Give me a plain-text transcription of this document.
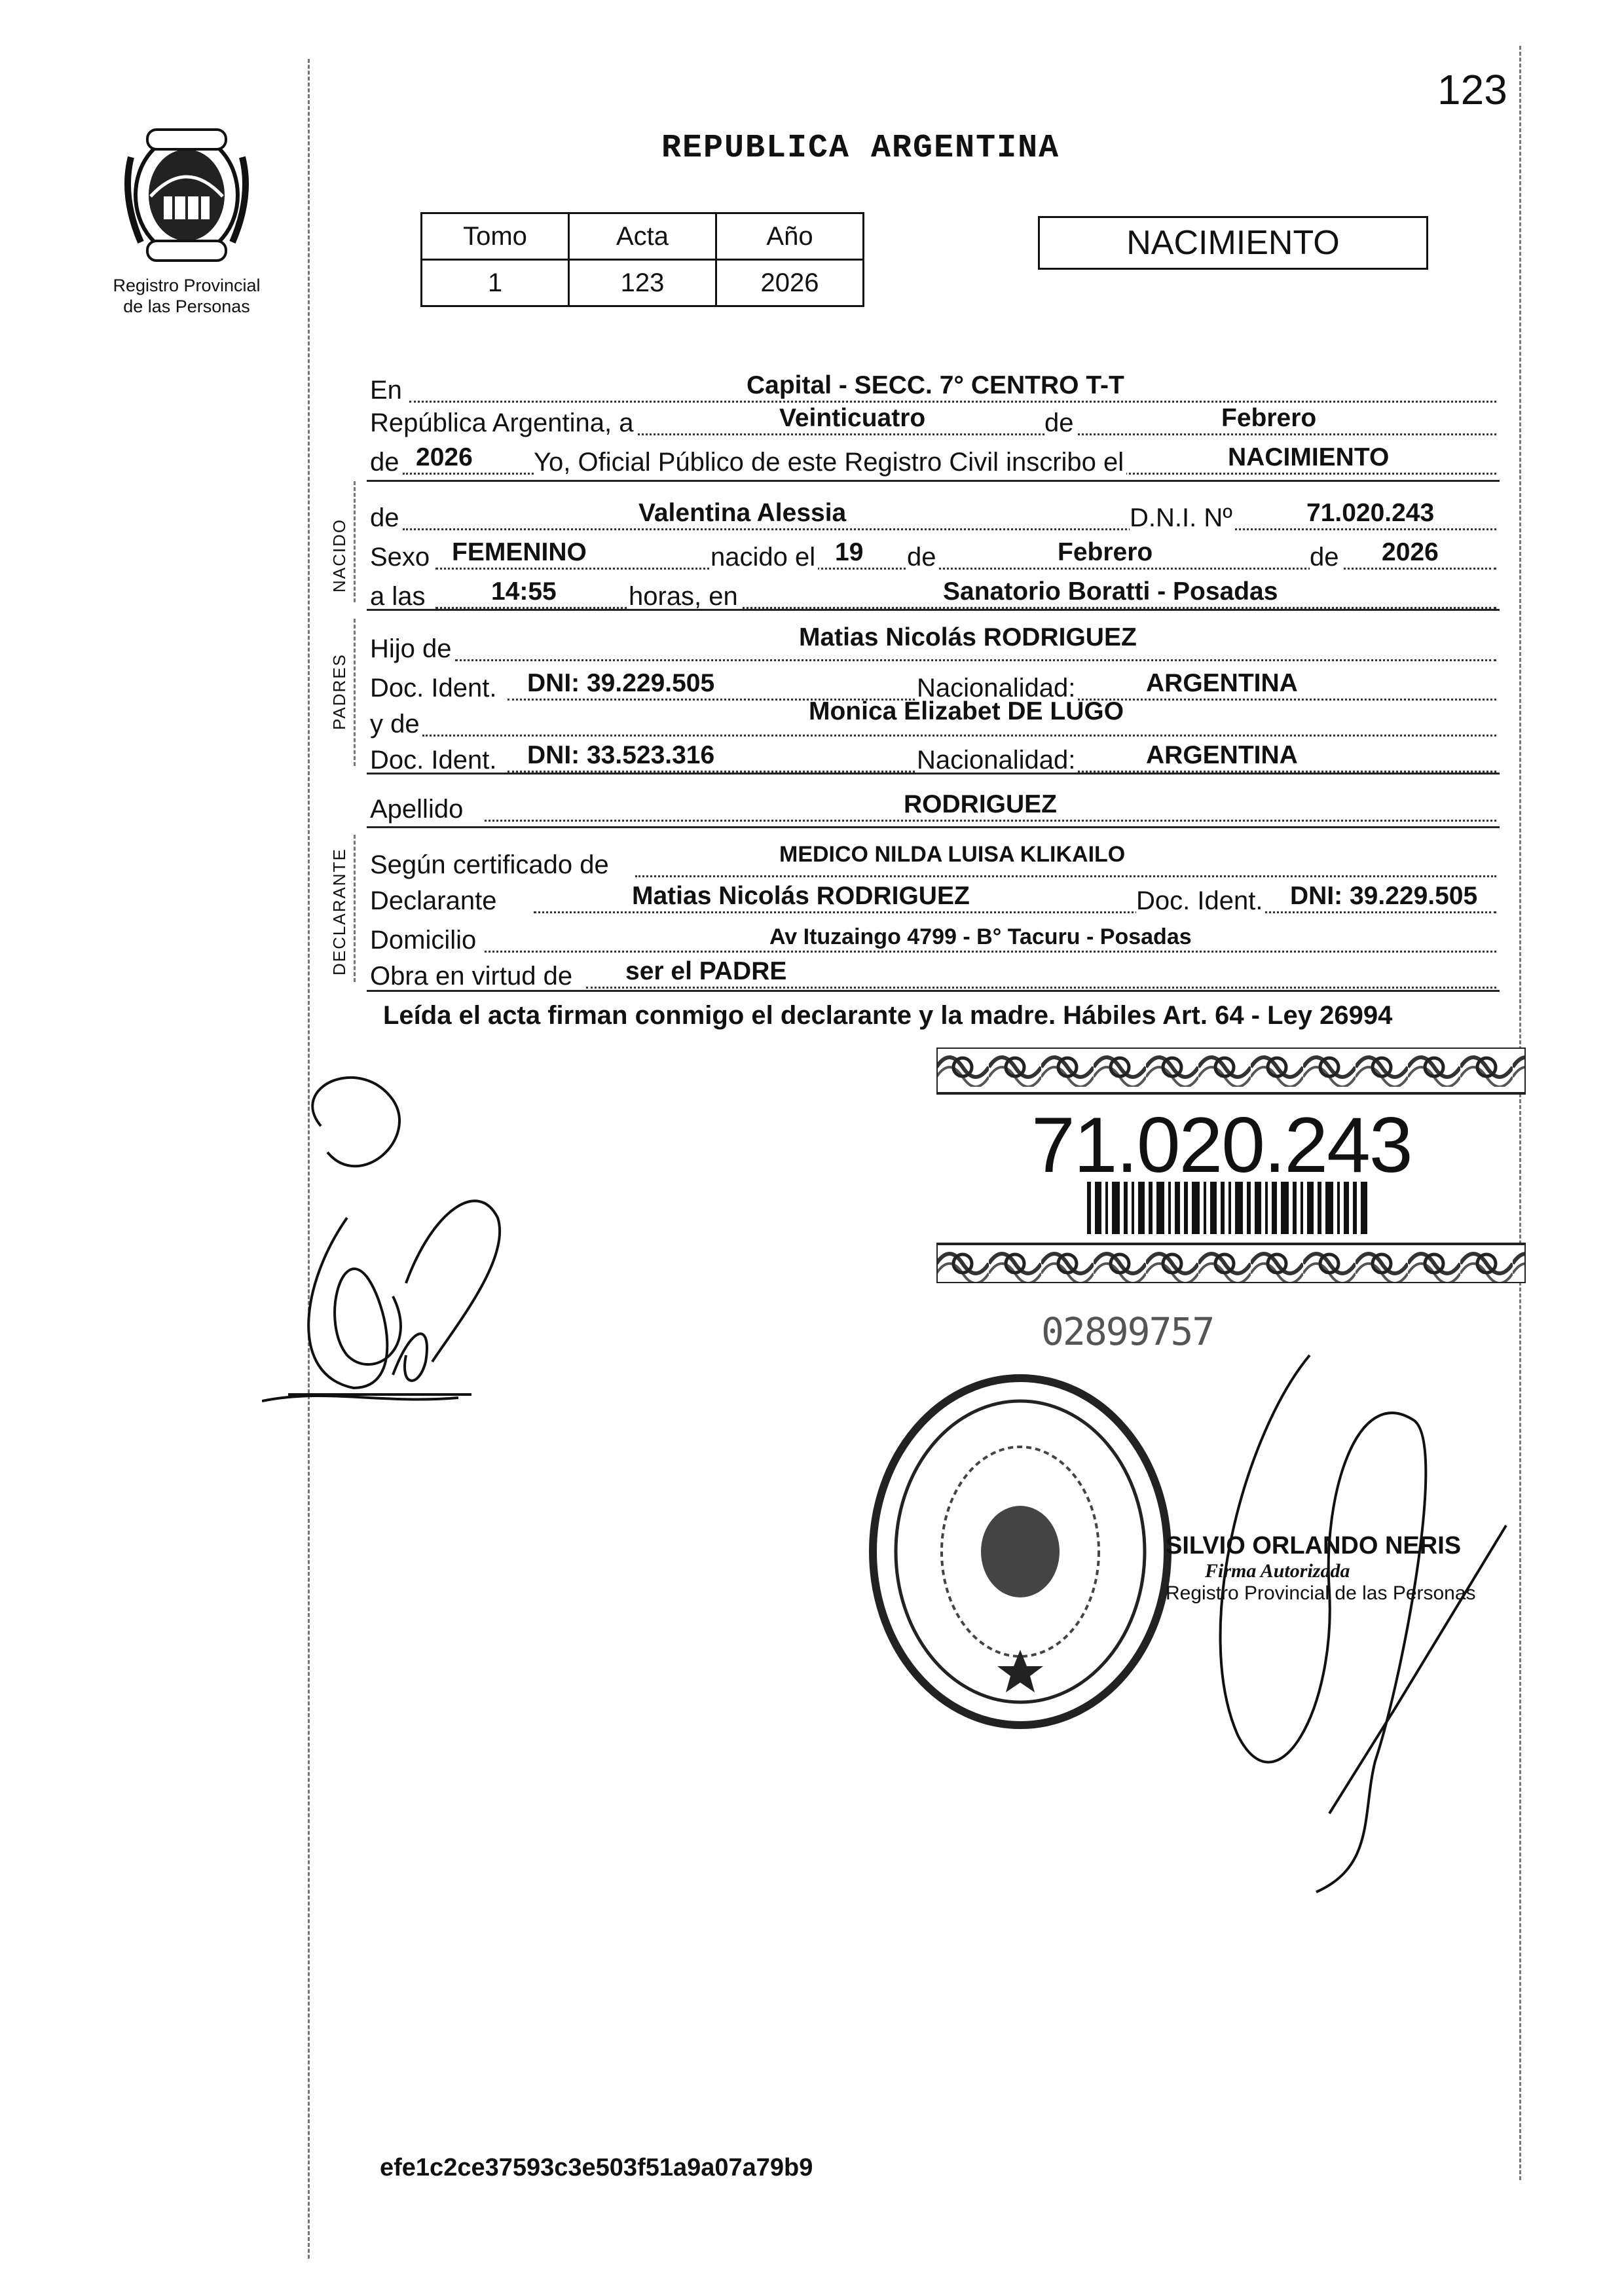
123
Registro Provincial
de las Personas
REPUBLICA ARGENTINA
Tomo	Acta	Año
1	123	2026
NACIMIENTO
En	Capital - SECC. 7° CENTRO T-T
República Argentina, a	Veinticuatro	de	Febrero
de 2026 Yo, Oficial Público de este Registro Civil inscribo el	NACIMIENTO
NACIDO
de	Valentina Alessia	D.N.I. Nº	71.020.243
Sexo FEMENINO	nacido el 19 de	Febrero	de 2026
a las	14:55	horas, en	Sanatorio Boratti - Posadas
PADRES
Hijo de	Matias Nicolás RODRIGUEZ
Doc. Ident. DNI: 39.229.505	Nacionalidad:	ARGENTINA
y de	Monica Elizabet DE LUGO
Doc. Ident. DNI: 33.523.316	Nacionalidad:	ARGENTINA
Apellido	RODRIGUEZ
DECLARANTE Según certificado de	MEDICO NILDA LUISA KLIKAILO
Declarante	Matias Nicolás RODRIGUEZ	Doc. Ident. DNI: 39.229.505
Domicilio	Av Ituzaingo 4799 - B° Tacuru - Posadas
Obra en virtud de ser el PADRE
Leída el acta firman conmigo el declarante y la madre. Hábiles Art. 64 - Ley 26994
71.020.243
02899757
SILVIO ORLANDO NERIS
Firma Autorizada
Registro Provincial de las Personas
efe1c2ce37593c3e503f51a9a07a79b9
